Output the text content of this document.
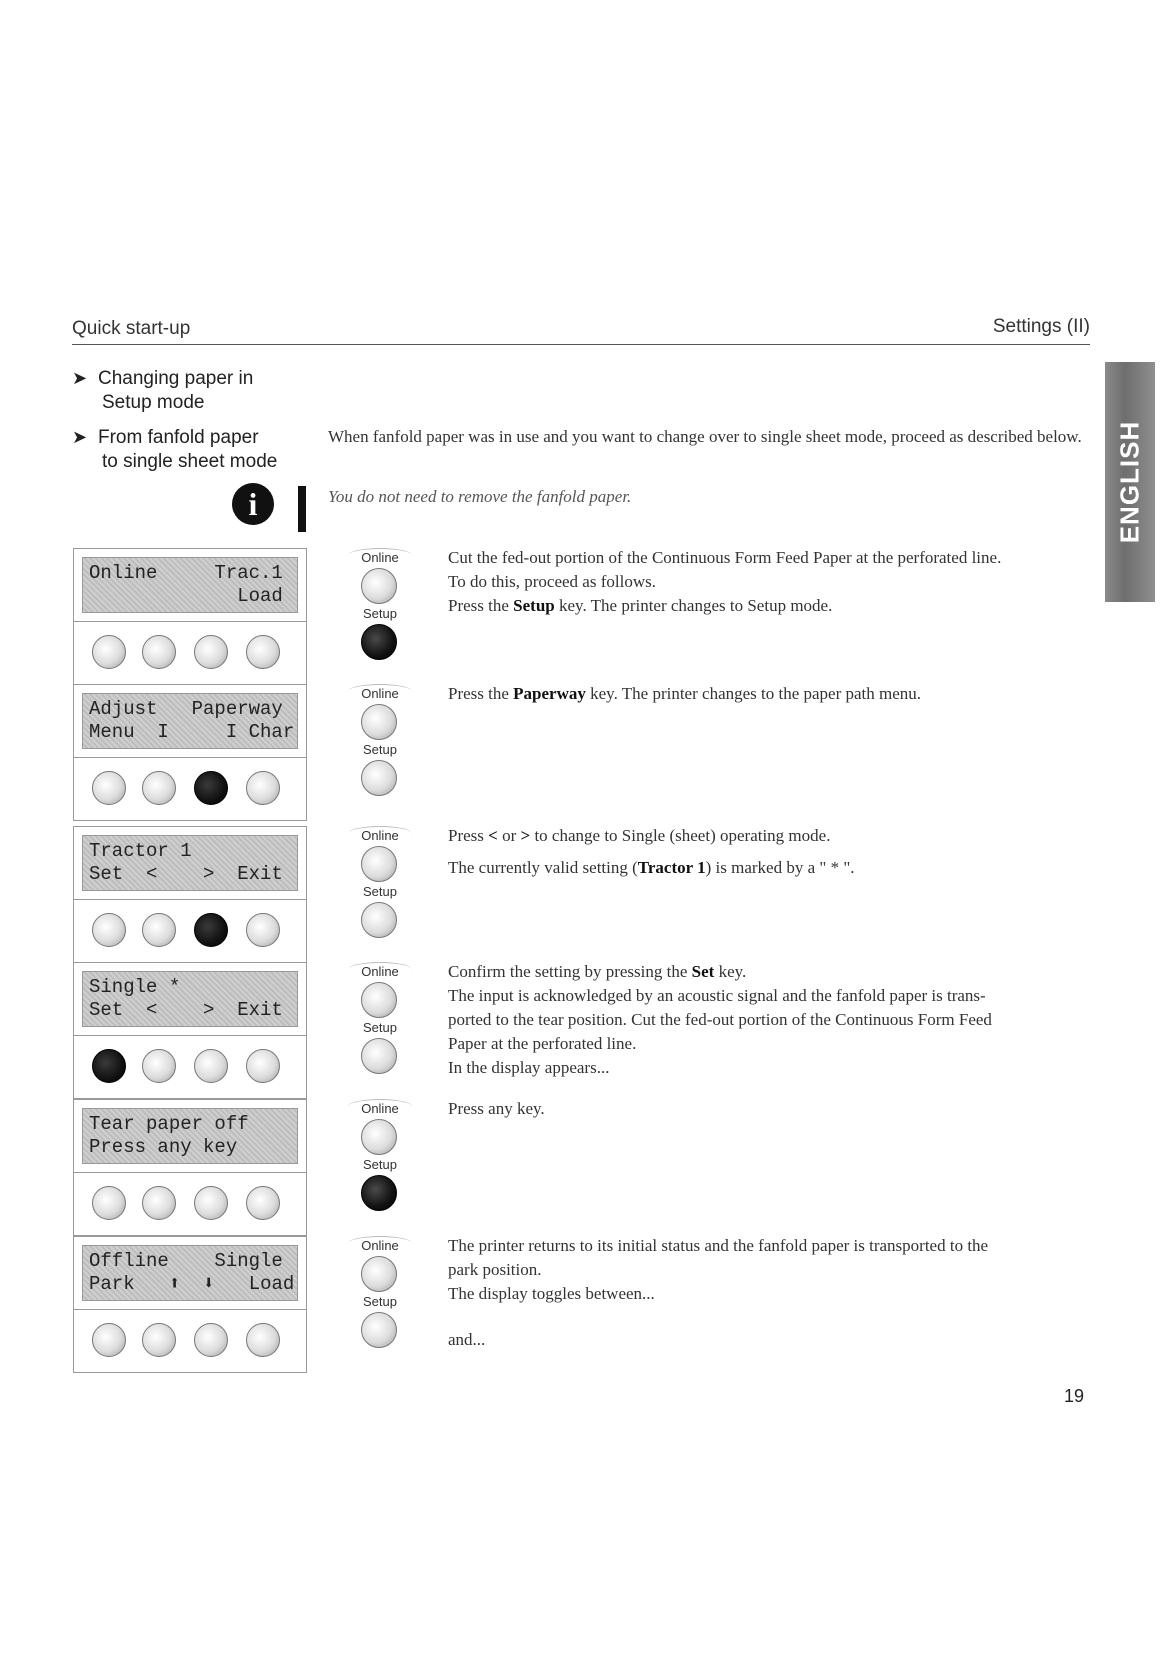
Quick start-up	Settings (II)
ENGLISH
➤ Changing paper in
Setup mode
➤ From fanfold paper
to single sheet mode
When fanfold paper was in use and you want to change over to single sheet mode, proceed as described below.
i	You do not need to remove the fanfold paper.
Online     Trac.1
Load
Online
Setup
Cut the fed-out portion of the Continuous Form Feed Paper at the perforated line.
To do this, proceed as follows.
Press the Setup key. The printer changes to Setup mode.
Adjust   Paperway
Menu  I     I Char
Online
Setup
Press the Paperway key. The printer changes to the paper path menu.
Tractor 1
Set  <    >  Exit
Online
Setup
Press < or > to change to Single (sheet) operating mode.

The currently valid setting (Tractor 1) is marked by a " * ".
Single *
Set  <    >  Exit
Online
Setup
Confirm the setting by pressing the Set key.
The input is acknowledged by an acoustic signal and the fanfold paper is trans-
ported to the tear position. Cut the fed-out portion of the Continuous Form Feed
Paper at the perforated line.
In the display appears...
Tear paper off
Press any key
Online
Setup
Press any key.
Offline    Single
Park   ⬆  ⬇   Load
Online
Setup
The printer returns to its initial status and the fanfold paper is transported to the
park position.
The display toggles between...

and...
19
